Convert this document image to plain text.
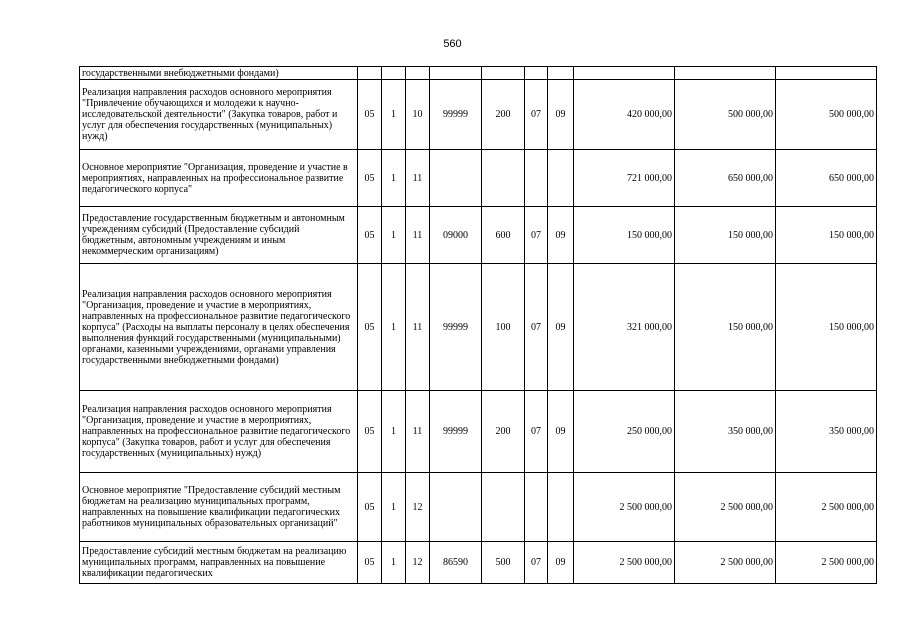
560
государственными внебюджетными фондами)										
Реализация направления расходов основного мероприятия "Привлечение обучающихся и молодежи к научно-исследовательской деятельности" (Закупка товаров, работ и услуг для обеспечения государственных (муниципальных) нужд)	05	1	10	99999	200	07	09	420 000,00	500 000,00	500 000,00
Основное мероприятие "Организация, проведение и участие в мероприятиях, направленных на профессиональное развитие педагогического корпуса"	05	1	11					721 000,00	650 000,00	650 000,00
Предоставление государственным бюджетным и автономным учреждениям субсидий (Предоставление субсидий бюджетным, автономным учреждениям и иным некоммерческим организациям)	05	1	11	09000	600	07	09	150 000,00	150 000,00	150 000,00
Реализация направления расходов основного мероприятия "Организация, проведение и участие в мероприятиях, направленных на профессиональное развитие педагогического корпуса" (Расходы на выплаты персоналу в целях обеспечения выполнения функций государственными (муниципальными) органами, казенными учреждениями, органами управления государственными внебюджетными фондами)	05	1	11	99999	100	07	09	321 000,00	150 000,00	150 000,00
Реализация направления расходов основного мероприятия "Организация, проведение и участие в мероприятиях, направленных на профессиональное развитие педагогического корпуса" (Закупка товаров, работ и услуг для обеспечения государственных (муниципальных) нужд)	05	1	11	99999	200	07	09	250 000,00	350 000,00	350 000,00
Основное мероприятие "Предоставление субсидий местным бюджетам на реализацию муниципальных программ, направленных на повышение квалификации педагогических работников муниципальных образовательных организаций"	05	1	12					2 500 000,00	2 500 000,00	2 500 000,00
Предоставление субсидий местным бюджетам на реализацию муниципальных программ, направленных на повышение квалификации педагогических	05	1	12	86590	500	07	09	2 500 000,00	2 500 000,00	2 500 000,00
